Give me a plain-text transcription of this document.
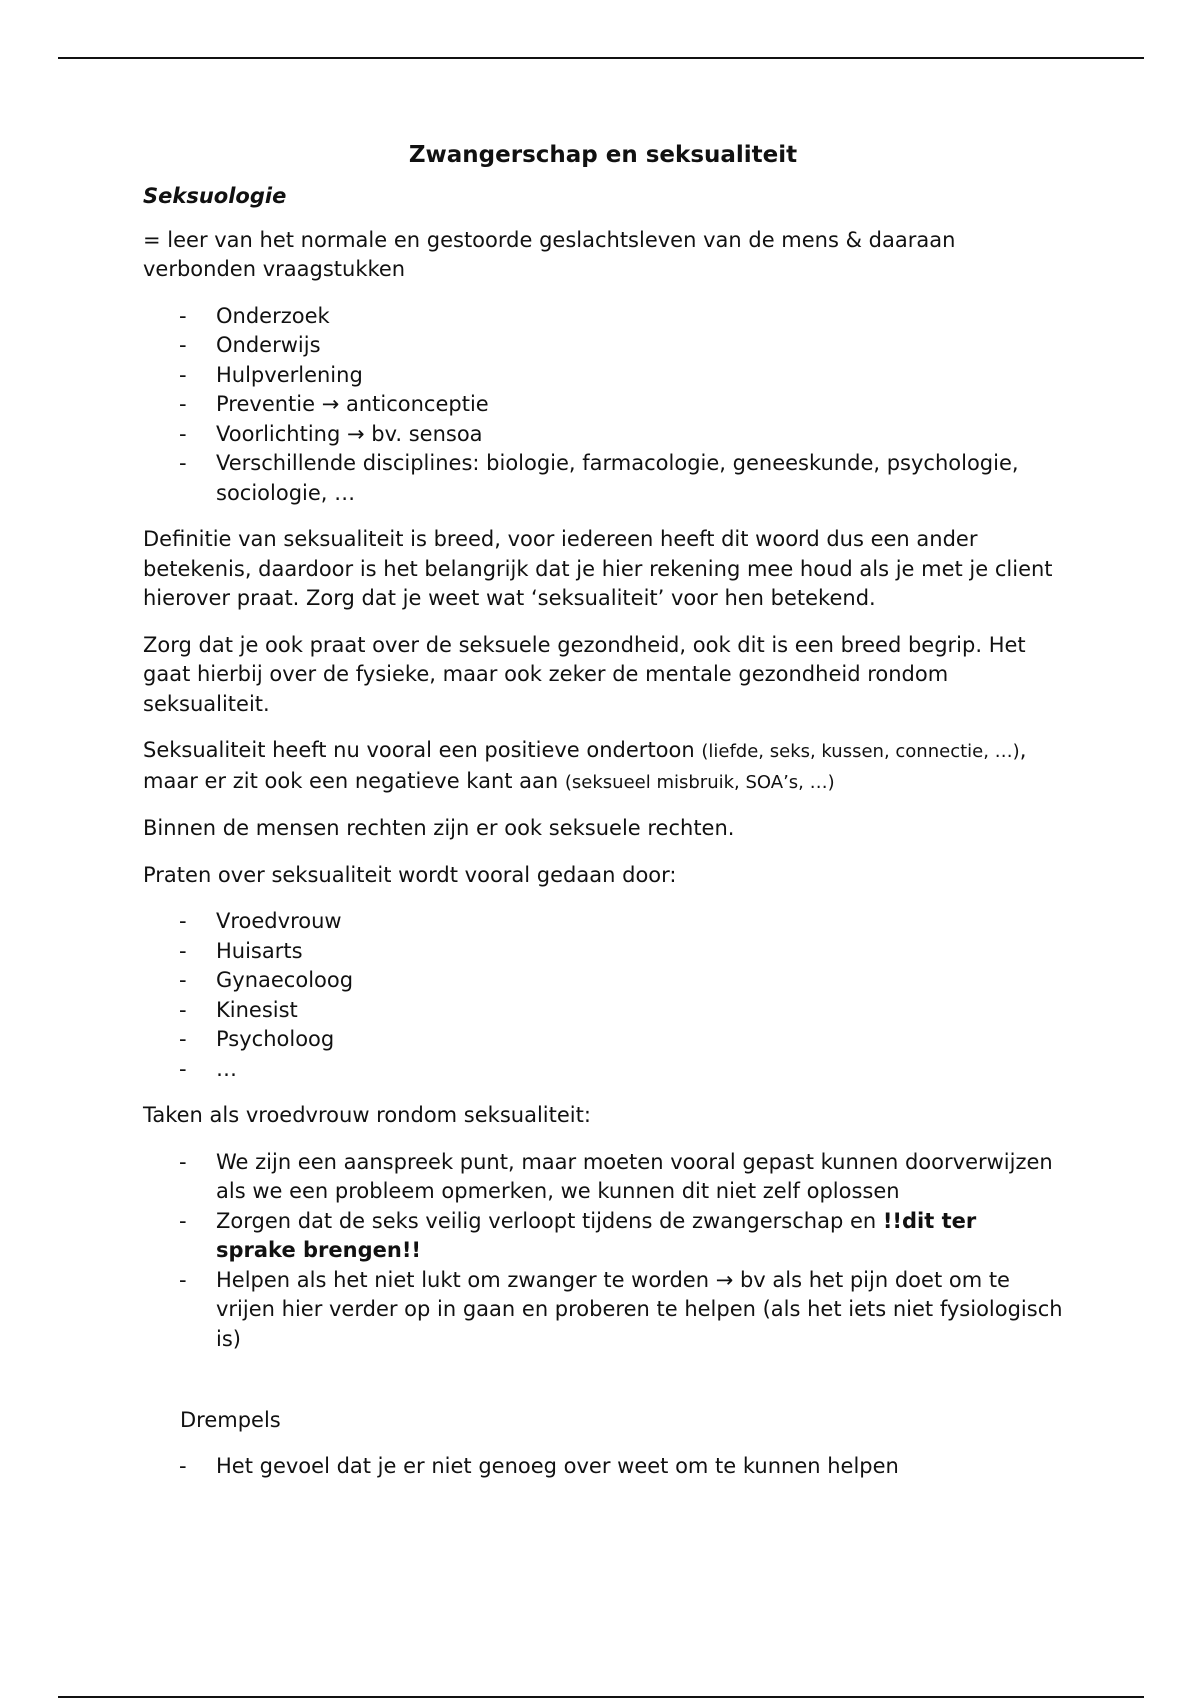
Zwangerschap en seksualiteit
Seksuologie

= leer van het normale en gestoorde geslachtsleven van de mens & daaraan verbonden vraagstukken

- Onderzoek
- Onderwijs
- Hulpverlening
- Preventie → anticonceptie
- Voorlichting → bv. sensoa
- Verschillende disciplines: biologie, farmacologie, geneeskunde, psychologie, sociologie, …

Definitie van seksualiteit is breed, voor iedereen heeft dit woord dus een ander betekenis, daardoor is het belangrijk dat je hier rekening mee houd als je met je client hierover praat. Zorg dat je weet wat ‘seksualiteit’ voor hen betekend.

Zorg dat je ook praat over de seksuele gezondheid, ook dit is een breed begrip. Het gaat hierbij over de fysieke, maar ook zeker de mentale gezondheid rondom seksualiteit.

Seksualiteit heeft nu vooral een positieve ondertoon (liefde, seks, kussen, connectie, …), maar er zit ook een negatieve kant aan (seksueel misbruik, SOA’s, …)

Binnen de mensen rechten zijn er ook seksuele rechten.

Praten over seksualiteit wordt vooral gedaan door:

- Vroedvrouw
- Huisarts
- Gynaecoloog
- Kinesist
- Psycholoog
- …

Taken als vroedvrouw rondom seksualiteit:

- We zijn een aanspreek punt, maar moeten vooral gepast kunnen doorverwijzen als we een probleem opmerken, we kunnen dit niet zelf oplossen
- Zorgen dat de seks veilig verloopt tijdens de zwangerschap en !!dit ter sprake brengen!!
- Helpen als het niet lukt om zwanger te worden → bv als het pijn doet om te vrijen hier verder op in gaan en proberen te helpen (als het iets niet fysiologisch is)
Drempels
- Het gevoel dat je er niet genoeg over weet om te kunnen helpen
